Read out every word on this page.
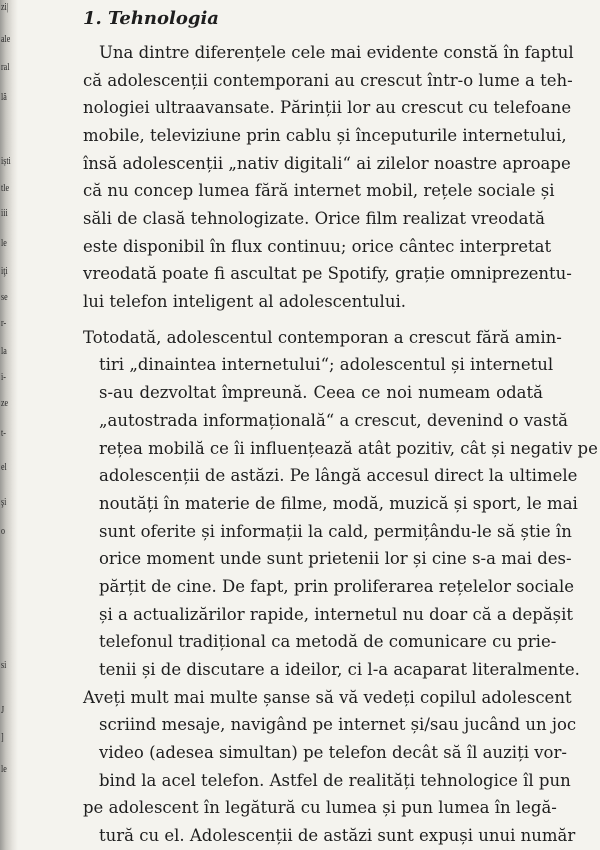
zi|
ale
ral
lă
iști
tle
iii
le
iţi
se
r-
la
i-
ze
t-
el
şi
o
si
J
]
le
1. Tehnologia
Una dintre diferențele cele mai evidente constă în faptul
că adolescenții contemporani au crescut într-o lume a teh-
nologiei ultraavansate. Părinții lor au crescut cu telefoane
mobile, televiziune prin cablu și începuturile internetului,
însă adolescenții „nativ digitali“ ai zilelor noastre aproape
că nu concep lumea fără internet mobil, rețele sociale și
săli de clasă tehnologizate. Orice film realizat vreodată
este disponibil în flux continuu; orice cântec interpretat
vreodată poate fi ascultat pe Spotify, grație omniprezentu-
lui telefon inteligent al adolescentului.
Totodată, adolescentul contemporan a crescut fără amin-
tiri „dinaintea internetului“; adolescentul și internetul
s-au dezvoltat împreună. Ceea ce noi numeam odată
„autostrada informațională“ a crescut, devenind o vastă
rețea mobilă ce îi influențează atât pozitiv, cât și negativ pe
adolescenții de astăzi. Pe lângă accesul direct la ultimele
noutăți în materie de filme, modă, muzică și sport, le mai
sunt oferite și informații la cald, permițându-le să știe în
orice moment unde sunt prietenii lor și cine s-a mai des-
părțit de cine. De fapt, prin proliferarea rețelelor sociale
și a actualizărilor rapide, internetul nu doar că a depășit
telefonul tradițional ca metodă de comunicare cu prie-
tenii și de discutare a ideilor, ci l-a acaparat literalmente.
Aveți mult mai multe șanse să vă vedeți copilul adolescent
scriind mesaje, navigând pe internet și/sau jucând un joc
video (adesea simultan) pe telefon decât să îl auziți vor-
bind la acel telefon. Astfel de realități tehnologice îl pun
pe adolescent în legătură cu lumea și pun lumea în legă-
tură cu el. Adolescenții de astăzi sunt expuși unui număr
